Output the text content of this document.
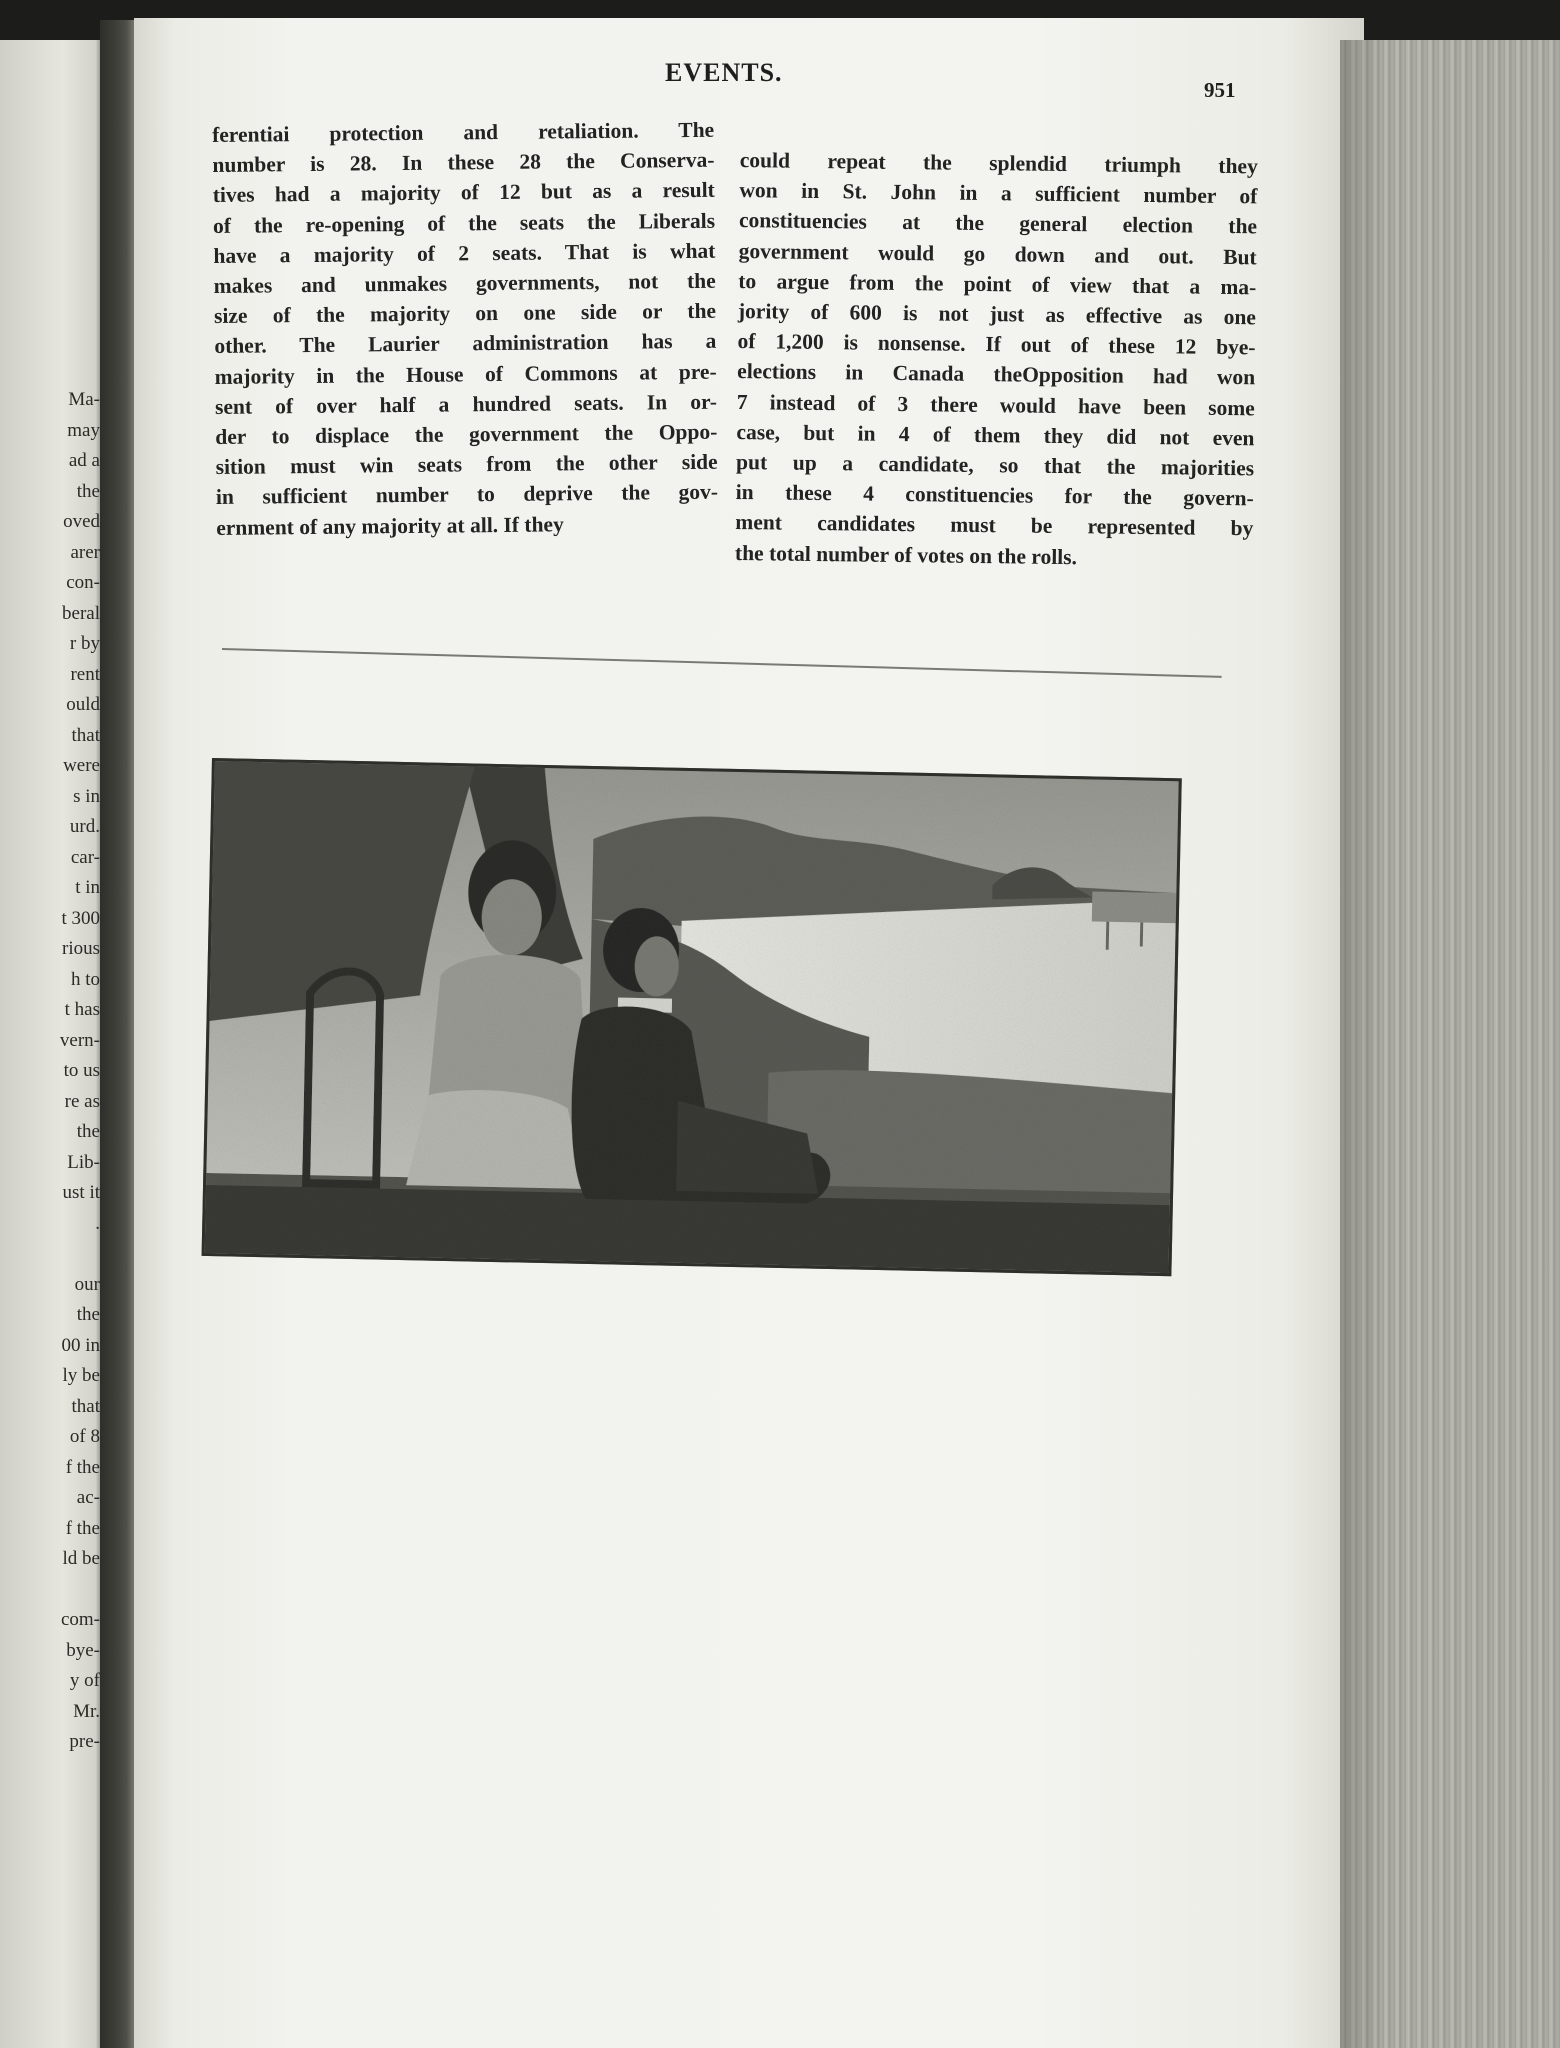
Ma-
may
ad a
the
oved
arer
con-
beral
r by
rent
ould
that
were
s in
urd.
car-
t in
t 300
rious
h to
t has
vern-
to us
re as
the
Lib-
ust it
.
our
the
00 in
ly be
that
of 8
f the
ac-
f the
ld be
com-
bye-
y of
Mr.
pre-
EVENTS.
951
ferentiai protection and retaliation. The
number is 28. In these 28 the Conserva-
tives had a majority of 12 but as a result
of the re-opening of the seats the Liberals
have a majority of 2 seats. That is what
makes and unmakes governments, not the
size of the majority on one side or the
other. The Laurier administration has a
majority in the House of Commons at pre-
sent of over half a hundred seats. In or-
der to displace the government the Oppo-
sition must win seats from the other side
in sufficient number to deprive the gov-
ernment of any majority at all. If they
could repeat the splendid triumph they
won in St. John in a sufficient number of
constituencies at the general election the
government would go down and out. But
to argue from the point of view that a ma-
jority of 600 is not just as effective as one
of 1,200 is nonsense. If out of these 12 bye-
elections in Canada theOpposition had won
7 instead of 3 there would have been some
case, but in 4 of them they did not even
put up a candidate, so that the majorities
in these 4 constituencies for the govern-
ment candidates must be represented by
the total number of votes on the rolls.
